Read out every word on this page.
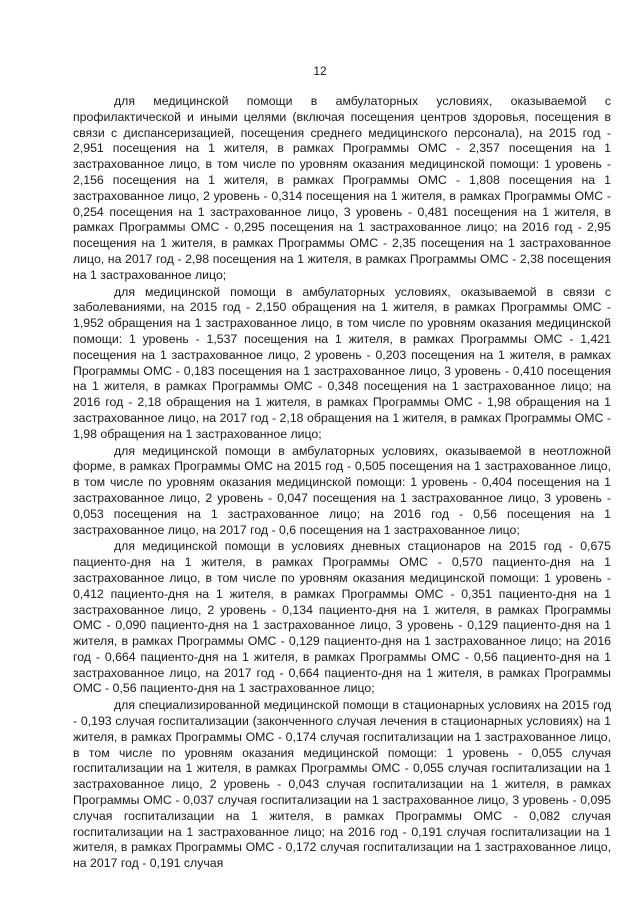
12

для медицинской помощи в амбулаторных условиях, оказываемой с профилактической и иными целями (включая посещения центров здоровья, посещения в связи с диспансеризацией, посещения среднего медицинского персонала), на 2015 год - 2,951 посещения на 1 жителя, в рамках Программы ОМС - 2,357 посещения на 1 застрахованное лицо, в том числе по уровням оказания медицинской помощи: 1 уровень - 2,156 посещения на 1 жителя, в рамках Программы ОМС - 1,808 посещения на 1 застрахованное лицо, 2 уровень - 0,314 посещения на 1 жителя, в рамках Программы ОМС - 0,254 посещения на 1 застрахованное лицо, 3 уровень - 0,481 посещения на 1 жителя, в рамках Программы ОМС - 0,295 посещения на 1 застрахованное лицо; на 2016 год - 2,95 посещения на 1 жителя, в рамках Программы ОМС - 2,35 посещения на 1 застрахованное лицо, на 2017 год - 2,98 посещения на 1 жителя, в рамках Программы ОМС - 2,38 посещения на 1 застрахованное лицо;

для медицинской помощи в амбулаторных условиях, оказываемой в связи с заболеваниями, на 2015 год - 2,150 обращения на 1 жителя, в рамках Программы ОМС - 1,952 обращения на 1 застрахованное лицо, в том числе по уровням оказания медицинской помощи: 1 уровень - 1,537 посещения на 1 жителя, в рамках Программы ОМС - 1,421 посещения на 1 застрахованное лицо, 2 уровень - 0,203 посещения на 1 жителя, в рамках Программы ОМС - 0,183 посещения на 1 застрахованное лицо, 3 уровень - 0,410 посещения на 1 жителя, в рамках Программы ОМС - 0,348 посещения на 1 застрахованное лицо; на 2016 год - 2,18 обращения на 1 жителя, в рамках Программы ОМС - 1,98 обращения на 1 застрахованное лицо, на 2017 год - 2,18 обращения на 1 жителя, в рамках Программы ОМС - 1,98 обращения на 1 застрахованное лицо;

для медицинской помощи в амбулаторных условиях, оказываемой в неотложной форме, в рамках Программы ОМС на 2015 год - 0,505 посещения на 1 застрахованное лицо, в том числе по уровням оказания медицинской помощи: 1 уровень - 0,404 посещения на 1 застрахованное лицо, 2 уровень - 0,047 посещения на 1 застрахованное лицо, 3 уровень - 0,053 посещения на 1 застрахованное лицо; на 2016 год - 0,56 посещения на 1 застрахованное лицо, на 2017 год - 0,6 посещения на 1 застрахованное лицо;

для медицинской помощи в условиях дневных стационаров на 2015 год - 0,675 пациенто-дня на 1 жителя, в рамках Программы ОМС - 0,570 пациенто-дня на 1 застрахованное лицо, в том числе по уровням оказания медицинской помощи: 1 уровень - 0,412 пациенто-дня на 1 жителя, в рамках Программы ОМС - 0,351 пациенто-дня на 1 застрахованное лицо, 2 уровень - 0,134 пациенто-дня на 1 жителя, в рамках Программы ОМС - 0,090 пациенто-дня на 1 застрахованное лицо, 3 уровень - 0,129 пациенто-дня на 1 жителя, в рамках Программы ОМС - 0,129 пациенто-дня на 1 застрахованное лицо; на 2016 год - 0,664 пациенто-дня на 1 жителя, в рамках Программы ОМС - 0,56 пациенто-дня на 1 застрахованное лицо, на 2017 год - 0,664 пациенто-дня на 1 жителя, в рамках Программы ОМС - 0,56 пациенто-дня на 1 застрахованное лицо;

для специализированной медицинской помощи в стационарных условиях на 2015 год - 0,193 случая госпитализации (законченного случая лечения в стационарных условиях) на 1 жителя, в рамках Программы ОМС - 0,174 случая госпитализации на 1 застрахованное лицо, в том числе по уровням оказания медицинской помощи: 1 уровень - 0,055 случая госпитализации на 1 жителя, в рамках Программы ОМС - 0,055 случая госпитализации на 1 застрахованное лицо, 2 уровень - 0,043 случая госпитализации на 1 жителя, в рамках Программы ОМС - 0,037 случая госпитализации на 1 застрахованное лицо, 3 уровень - 0,095 случая госпитализации на 1 жителя, в рамках Программы ОМС - 0,082 случая госпитализации на 1 застрахованное лицо; на 2016 год - 0,191 случая госпитализации на 1 жителя, в рамках Программы ОМС - 0,172 случая госпитализации на 1 застрахованное лицо, на 2017 год - 0,191 случая
